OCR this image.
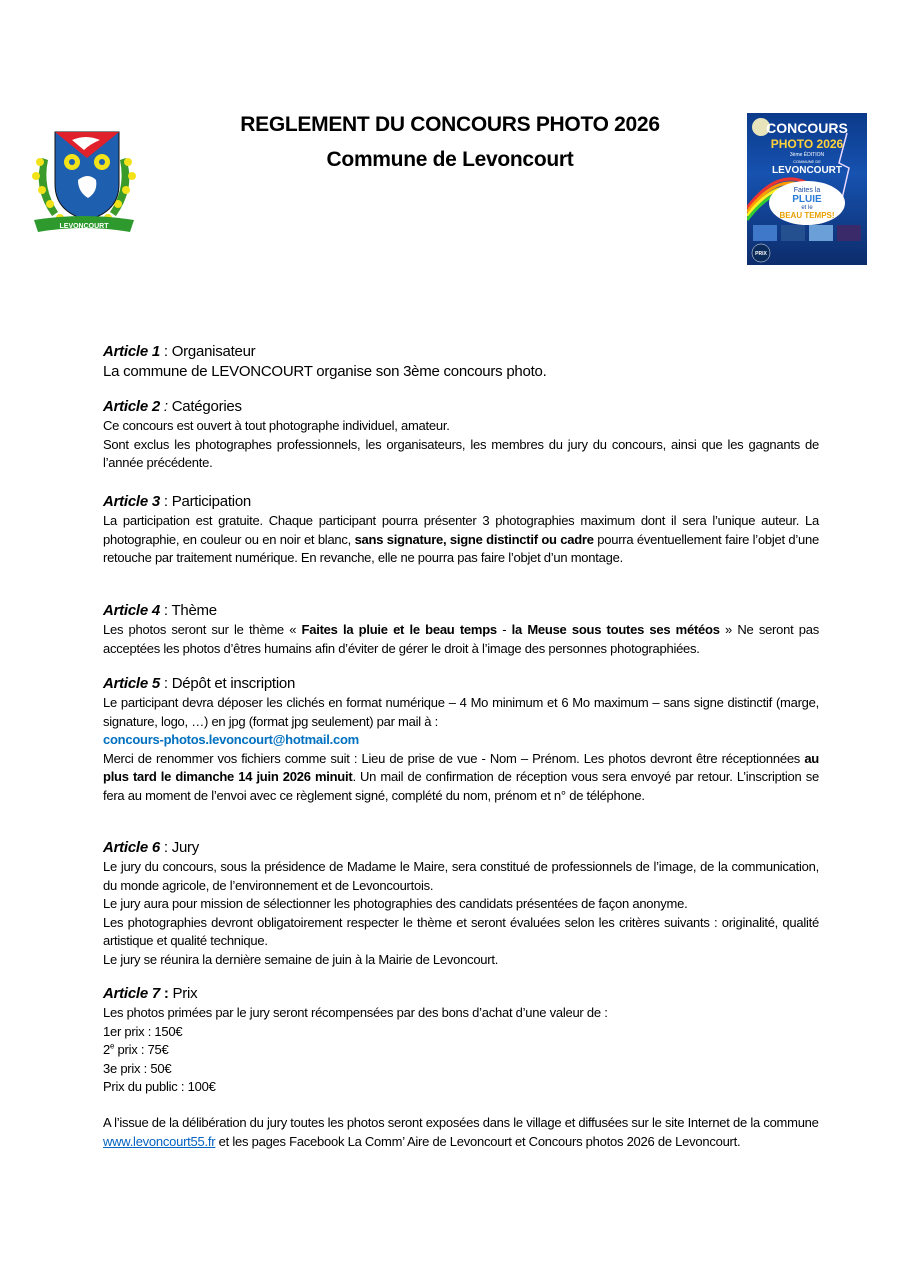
REGLEMENT DU CONCOURS PHOTO 2026
Commune de Levoncourt
LEVONCOURT
CONCOURS
PHOTO 2026
3ème ÉDITION
COMMUNE DE
LEVONCOURT
Faites la
PLUIE
et le
BEAU TEMPS!
PRIX

Article 1 : Organisateur

La commune de LEVONCOURT organise son 3ème concours photo.

Article 2 : Catégories

Ce concours est ouvert à tout photographe individuel, amateur.

Sont exclus les photographes professionnels, les organisateurs, les membres du jury du concours, ainsi que les gagnants de l’année précédente.

Article 3 : Participation

La participation est gratuite. Chaque participant pourra présenter 3 photographies maximum dont il sera l’unique auteur. La photographie, en couleur ou en noir et blanc, sans signature, signe distinctif ou cadre pourra éventuellement faire l’objet d’une retouche par traitement numérique. En revanche, elle ne pourra pas faire l’objet d’un montage.

Article 4 : Thème

Les photos seront sur le thème « Faites la pluie et le beau temps - la Meuse sous toutes ses météos » Ne seront pas acceptées les photos d’êtres humains afin d’éviter de gérer le droit à l’image des personnes photographiées.

Article 5 : Dépôt et inscription

Le participant devra déposer les clichés en format numérique – 4 Mo minimum et 6 Mo maximum – sans signe distinctif (marge, signature, logo, …) en jpg (format jpg seulement) par mail à :

concours-photos.levoncourt@hotmail.com

Merci de renommer vos fichiers comme suit : Lieu de prise de vue - Nom – Prénom. Les photos devront être réceptionnées au plus tard le dimanche 14 juin 2026 minuit. Un mail de confirmation de réception vous sera envoyé par retour. L’inscription se fera au moment de l’envoi avec ce règlement signé, complété du nom, prénom et n° de téléphone.

Article 6 : Jury

Le jury du concours, sous la présidence de Madame le Maire, sera constitué de professionnels de l’image, de la communication, du monde agricole, de l’environnement et de Levoncourtois.

Le jury aura pour mission de sélectionner les photographies des candidats présentées de façon anonyme.

Les photographies devront obligatoirement respecter le thème et seront évaluées selon les critères suivants : originalité, qualité artistique et qualité technique.

Le jury se réunira la dernière semaine de juin à la Mairie de Levoncourt.

Article 7 : Prix

Les photos primées par le jury seront récompensées par des bons d’achat d’une valeur de :

1er prix : 150€

2e prix : 75€

3e prix : 50€

Prix du public : 100€

A l’issue de la délibération du jury toutes les photos seront exposées dans le village et diffusées sur le site Internet de la commune www.levoncourt55.fr et les pages Facebook La Comm’ Aire de Levoncourt et Concours photos 2026 de Levoncourt.
